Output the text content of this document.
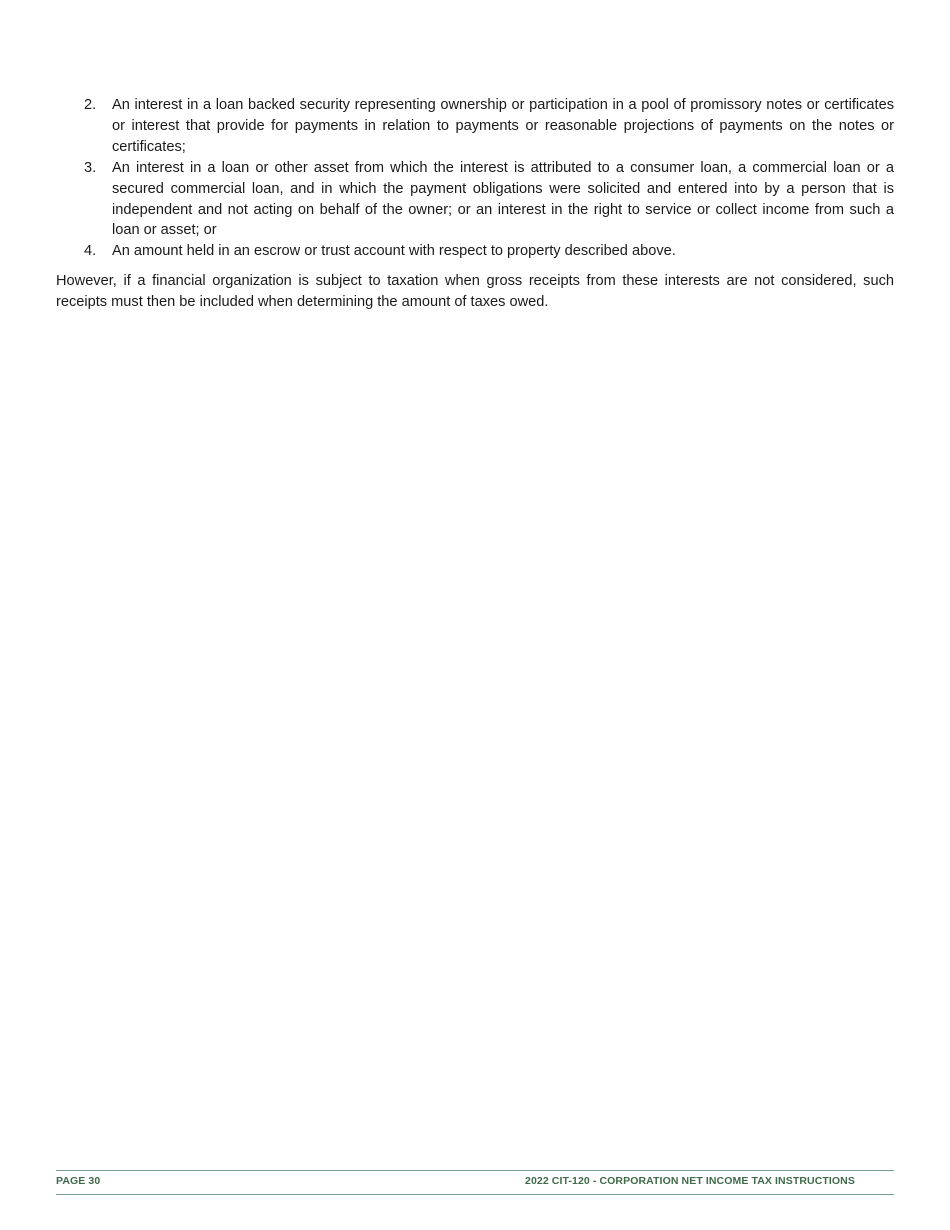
2.	An interest in a loan backed security representing ownership or participation in a pool of promissory notes or certificates or interest that provide for payments in relation to payments or reasonable projections of payments on the notes or certificates;
3.	An interest in a loan or other asset from which the interest is attributed to a consumer loan, a commercial loan or a secured commercial loan, and in which the payment obligations were solicited and entered into by a person that is independent and not acting on behalf of the owner; or an interest in the right to service or collect income from such a loan or asset; or
4.	An amount held in an escrow or trust account with respect to property described above.

However, if a financial organization is subject to taxation when gross receipts from these interests are not considered, such receipts must then be included when determining the amount of taxes owed.

PAGE 30	2022 CIT-120 - CORPORATION NET INCOME TAX INSTRUCTIONS
